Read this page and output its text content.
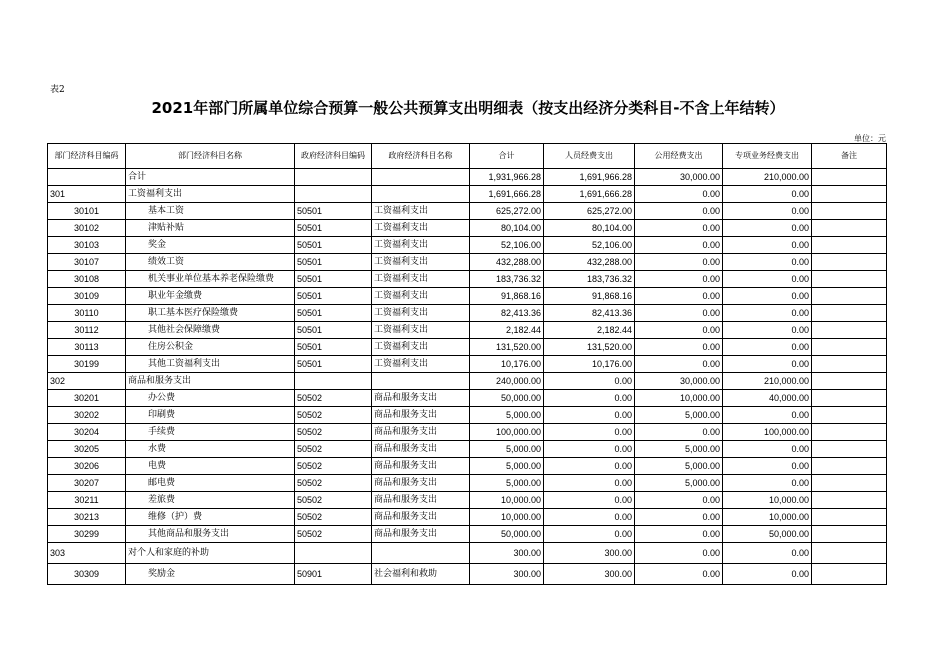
表2
2021年部门所属单位综合预算一般公共预算支出明细表（按支出经济分类科目-不含上年结转）
单位：元
部门经济科目编码	部门经济科目名称	政府经济科目编码	政府经济科目名称	合计	人员经费支出	公用经费支出	专项业务经费支出	备注
	合计			1,931,966.28	1,691,966.28	30,000.00	210,000.00	
301	工资福利支出			1,691,666.28	1,691,666.28	0.00	0.00	
30101	基本工资	50501	工资福利支出	625,272.00	625,272.00	0.00	0.00	
30102	津贴补贴	50501	工资福利支出	80,104.00	80,104.00	0.00	0.00	
30103	奖金	50501	工资福利支出	52,106.00	52,106.00	0.00	0.00	
30107	绩效工资	50501	工资福利支出	432,288.00	432,288.00	0.00	0.00	
30108	机关事业单位基本养老保险缴费	50501	工资福利支出	183,736.32	183,736.32	0.00	0.00	
30109	职业年金缴费	50501	工资福利支出	91,868.16	91,868.16	0.00	0.00	
30110	职工基本医疗保险缴费	50501	工资福利支出	82,413.36	82,413.36	0.00	0.00	
30112	其他社会保障缴费	50501	工资福利支出	2,182.44	2,182.44	0.00	0.00	
30113	住房公积金	50501	工资福利支出	131,520.00	131,520.00	0.00	0.00	
30199	其他工资福利支出	50501	工资福利支出	10,176.00	10,176.00	0.00	0.00	
302	商品和服务支出			240,000.00	0.00	30,000.00	210,000.00	
30201	办公费	50502	商品和服务支出	50,000.00	0.00	10,000.00	40,000.00	
30202	印刷费	50502	商品和服务支出	5,000.00	0.00	5,000.00	0.00	
30204	手续费	50502	商品和服务支出	100,000.00	0.00	0.00	100,000.00	
30205	水费	50502	商品和服务支出	5,000.00	0.00	5,000.00	0.00	
30206	电费	50502	商品和服务支出	5,000.00	0.00	5,000.00	0.00	
30207	邮电费	50502	商品和服务支出	5,000.00	0.00	5,000.00	0.00	
30211	差旅费	50502	商品和服务支出	10,000.00	0.00	0.00	10,000.00	
30213	维修（护）费	50502	商品和服务支出	10,000.00	0.00	0.00	10,000.00	
30299	其他商品和服务支出	50502	商品和服务支出	50,000.00	0.00	0.00	50,000.00	
303	对个人和家庭的补助			300.00	300.00	0.00	0.00	
30309	奖励金	50901	社会福利和救助	300.00	300.00	0.00	0.00	
